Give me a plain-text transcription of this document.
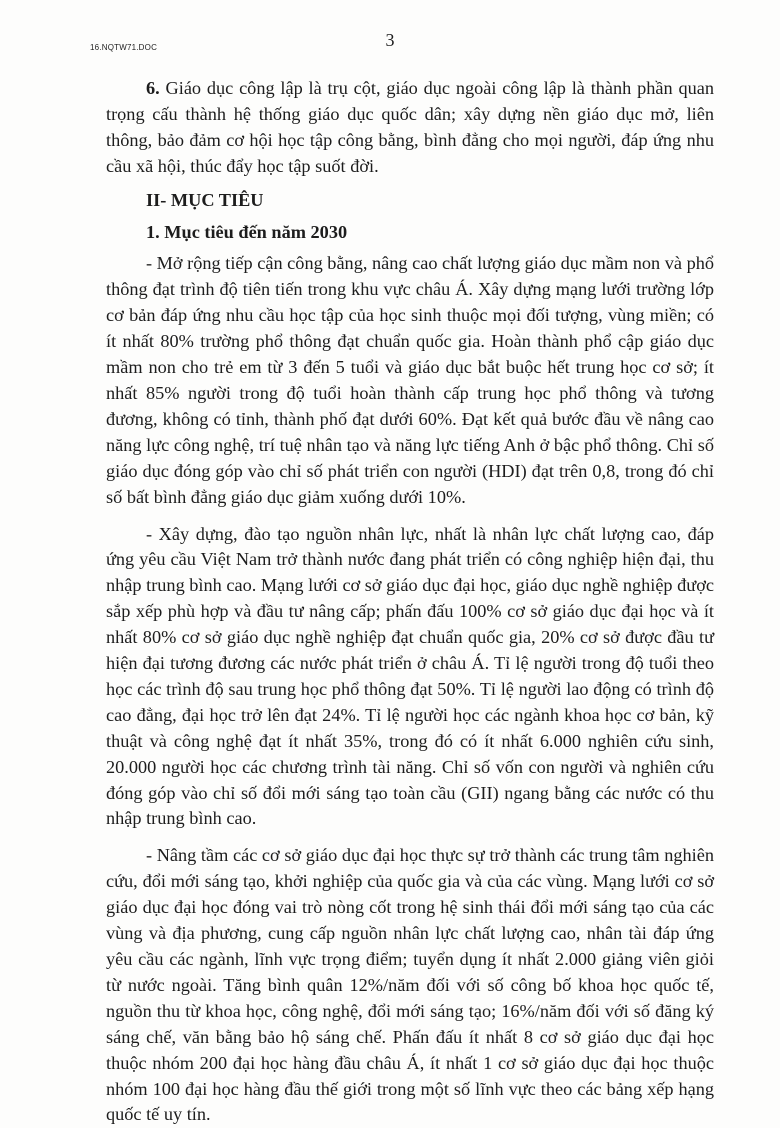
3
16.NQTW71.DOC

6. Giáo dục công lập là trụ cột, giáo dục ngoài công lập là thành phần quan trọng cấu thành hệ thống giáo dục quốc dân; xây dựng nền giáo dục mở, liên thông, bảo đảm cơ hội học tập công bằng, bình đẳng cho mọi người, đáp ứng nhu cầu xã hội, thúc đẩy học tập suốt đời.

II- MỤC TIÊU
1. Mục tiêu đến năm 2030

- Mở rộng tiếp cận công bằng, nâng cao chất lượng giáo dục mầm non và phổ thông đạt trình độ tiên tiến trong khu vực châu Á. Xây dựng mạng lưới trường lớp cơ bản đáp ứng nhu cầu học tập của học sinh thuộc mọi đối tượng, vùng miền; có ít nhất 80% trường phổ thông đạt chuẩn quốc gia. Hoàn thành phổ cập giáo dục mầm non cho trẻ em từ 3 đến 5 tuổi và giáo dục bắt buộc hết trung học cơ sở; ít nhất 85% người trong độ tuổi hoàn thành cấp trung học phổ thông và tương đương, không có tỉnh, thành phố đạt dưới 60%. Đạt kết quả bước đầu về nâng cao năng lực công nghệ, trí tuệ nhân tạo và năng lực tiếng Anh ở bậc phổ thông. Chỉ số giáo dục đóng góp vào chỉ số phát triển con người (HDI) đạt trên 0,8, trong đó chỉ số bất bình đẳng giáo dục giảm xuống dưới 10%.

- Xây dựng, đào tạo nguồn nhân lực, nhất là nhân lực chất lượng cao, đáp ứng yêu cầu Việt Nam trở thành nước đang phát triển có công nghiệp hiện đại, thu nhập trung bình cao. Mạng lưới cơ sở giáo dục đại học, giáo dục nghề nghiệp được sắp xếp phù hợp và đầu tư nâng cấp; phấn đấu 100% cơ sở giáo dục đại học và ít nhất 80% cơ sở giáo dục nghề nghiệp đạt chuẩn quốc gia, 20% cơ sở được đầu tư hiện đại tương đương các nước phát triển ở châu Á. Tỉ lệ người trong độ tuổi theo học các trình độ sau trung học phổ thông đạt 50%. Tỉ lệ người lao động có trình độ cao đẳng, đại học trở lên đạt 24%. Tỉ lệ người học các ngành khoa học cơ bản, kỹ thuật và công nghệ đạt ít nhất 35%, trong đó có ít nhất 6.000 nghiên cứu sinh, 20.000 người học các chương trình tài năng. Chỉ số vốn con người và nghiên cứu đóng góp vào chỉ số đổi mới sáng tạo toàn cầu (GII) ngang bằng các nước có thu nhập trung bình cao.

- Nâng tầm các cơ sở giáo dục đại học thực sự trở thành các trung tâm nghiên cứu, đổi mới sáng tạo, khởi nghiệp của quốc gia và của các vùng. Mạng lưới cơ sở giáo dục đại học đóng vai trò nòng cốt trong hệ sinh thái đổi mới sáng tạo của các vùng và địa phương, cung cấp nguồn nhân lực chất lượng cao, nhân tài đáp ứng yêu cầu các ngành, lĩnh vực trọng điểm; tuyển dụng ít nhất 2.000 giảng viên giỏi từ nước ngoài. Tăng bình quân 12%/năm đối với số công bố khoa học quốc tế, nguồn thu từ khoa học, công nghệ, đổi mới sáng tạo; 16%/năm đối với số đăng ký sáng chế, văn bằng bảo hộ sáng chế. Phấn đấu ít nhất 8 cơ sở giáo dục đại học thuộc nhóm 200 đại học hàng đầu châu Á, ít nhất 1 cơ sở giáo dục đại học thuộc nhóm 100 đại học hàng đầu thế giới trong một số lĩnh vực theo các bảng xếp hạng quốc tế uy tín.
